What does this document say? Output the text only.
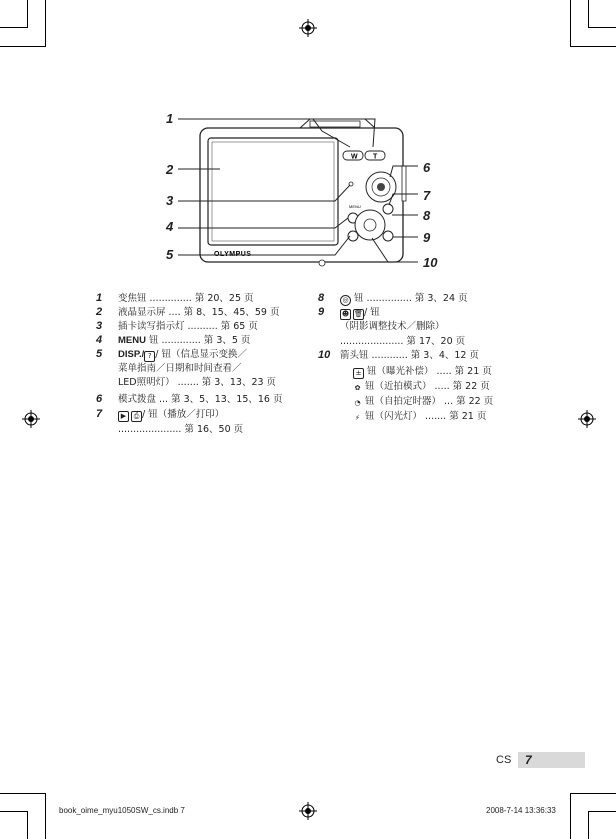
W T
MENU
OLYMPUS
1
2
3
4
5
6
7
8
9
10
1 变焦钮 .............. 第 20、25 页
2 液晶显示屏 .... 第 8、15、45、59 页
3 插卡读写指示灯 .......... 第 65 页
4 MENU 钮 ............. 第 3、5 页
5 DISP./ ? / 钮（信息显示变换／
菜单指南／日期和时间查看／
LED照明灯） ....... 第 3、13、23 页
6 模式拨盘 ... 第 3、5、13、15、16 页
7	▶ ⎙ / 钮（播放／打印）
..................... 第 16、50 页
8	◎ 钮 ............... 第 3、24 页
9	☻ 🗑/ 钮
（阴影调整技术／删除）
..................... 第 17、20 页
10 箭头钮 ............ 第 3、4、12 页
± 钮（曝光补偿） ..... 第 21 页
✿ 钮（近拍模式） ..... 第 22 页
◔ 钮（自拍定时器） ... 第 22 页
⚡ 钮（闪光灯） ....... 第 21 页
CS	7
book_oime_myu1050SW_cs.indb 7	2008-7-14 13:36:33
